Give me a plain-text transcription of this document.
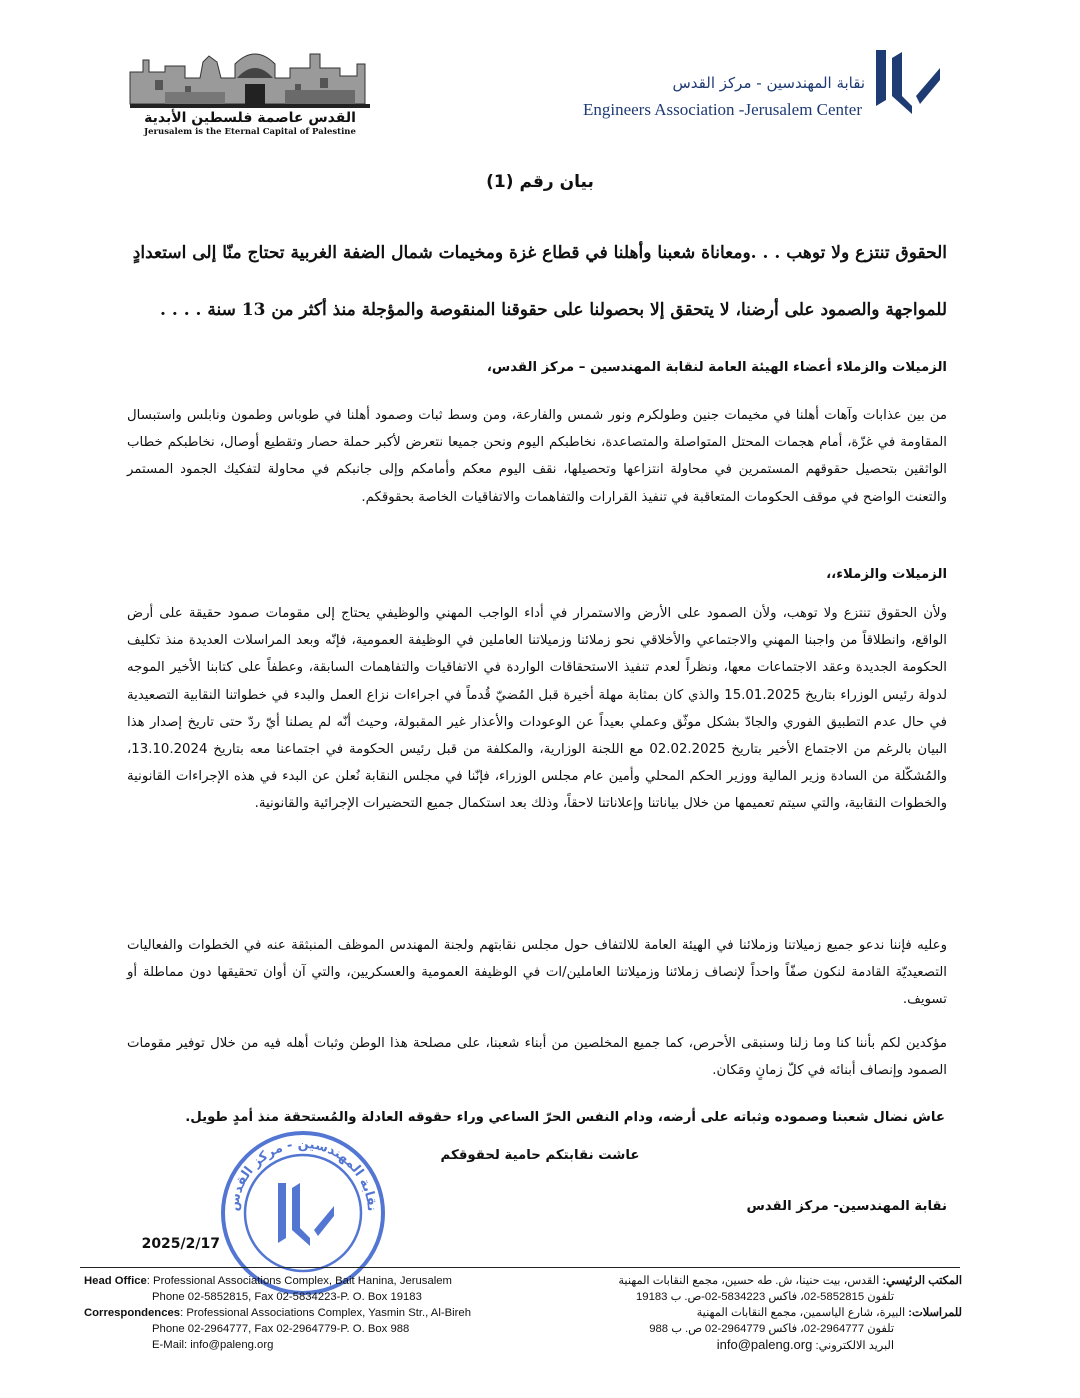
القدس عاصمة فلسطين الأبدية
Jerusalem is the Eternal Capital of Palestine
نقابة المهندسين - مركز القدس
Engineers Association -Jerusalem Center
بيان رقم (1)
الحقوق تنتزع ولا توهب . . .ومعاناة شعبنا وأهلنا في قطاع غزة ومخيمات شمال الضفة الغربية تحتاج منّا إلى استعدادٍ
للمواجهة والصمود على أرضنا، لا يتحقق إلا بحصولنا على حقوقنا المنقوصة والمؤجلة منذ أكثر من 13 سنة . . . .
الزميلات والزملاء أعضاء الهيئة العامة لنقابة المهندسين – مركز القدس،
من بين عذابات وآهات أهلنا في مخيمات جنين وطولكرم ونور شمس والفارعة، ومن وسط ثبات وصمود أهلنا في طوباس وطمون ونابلس واستبسال المقاومة في غزّة، أمام هجمات المحتل المتواصلة والمتصاعدة، نخاطبكم اليوم ونحن جميعا نتعرض لأكبر حملة حصار وتقطيع أوصال، نخاطبكم خطاب الواثقين بتحصيل حقوقهم المستمرين في محاولة انتزاعها وتحصيلها، نقف اليوم معكم وأمامكم وإلى جانبكم في محاولة لتفكيك الجمود المستمر والتعنت الواضح في موقف الحكومات المتعاقبة في تنفيذ القرارات والتفاهمات والاتفاقيات الخاصة بحقوقكم.
الزميلات والزملاء،،
ولأن الحقوق تنتزع ولا توهب، ولأن الصمود على الأرض والاستمرار في أداء الواجب المهني والوظيفي يحتاج إلى مقومات صمود حقيقة على أرض الواقع، وانطلاقاً من واجبنا المهني والاجتماعي والأخلاقي نحو زملائنا وزميلاتنا العاملين في الوظيفة العمومية، فإنّه وبعد المراسلات العديدة منذ تكليف الحكومة الجديدة وعقد الاجتماعات معها، ونظراً لعدم تنفيذ الاستحقاقات الواردة في الاتفاقيات والتفاهمات السابقة، وعطفاً على كتابنا الأخير الموجه لدولة رئيس الوزراء بتاريخ 15.01.2025 والذي كان بمثابة مهلة أخيرة قبل المُضيّ قُدماً في اجراءات نزاع العمل والبدء في خطواتنا النقابية التصعيدية في حال عدم التطبيق الفوري والجادّ بشكل موثّق وعملي بعيداً عن الوعودات والأعذار غير المقبولة، وحيث أنّه لم يصلنا أيّ ردّ حتى تاريخ إصدار هذا البيان بالرغم من الاجتماع الأخير بتاريخ 02.02.2025 مع اللجنة الوزارية، والمكلفة من قبل رئيس الحكومة في اجتماعنا معه بتاريخ 13.10.2024، والمُشكّلة من السادة وزير المالية ووزير الحكم المحلي وأمين عام مجلس الوزراء، فإنّنا في مجلس النقابة نُعلن عن البدء في هذه الإجراءات القانونية والخطوات النقابية، والتي سيتم تعميمها من خلال بياناتنا وإعلاناتنا لاحقاً، وذلك بعد استكمال جميع التحضيرات الإجرائية والقانونية.
وعليه فإننا ندعو جميع زميلاتنا وزملائنا في الهيئة العامة للالتفاف حول مجلس نقابتهم ولجنة المهندس الموظف المنبثقة عنه في الخطوات والفعاليات التصعيديّة القادمة لنكون صفّاً واحداً لإنصاف زملائنا وزميلاتنا العاملين/ات في الوظيفة العمومية والعسكريين، والتي آن أوان تحقيقها دون مماطلة أو تسويف.
مؤكدين لكم بأننا كنا وما زلنا وسنبقى الأحرص، كما جميع المخلصين من أبناء شعبنا، على مصلحة هذا الوطن وثبات أهله فيه من خلال توفير مقومات الصمود وإنصاف أبنائه في كلّ زمانٍ ومَكان.
عاش نضال شعبنا وصموده وثباته على أرضه، ودام النفس الحرّ الساعي وراء حقوقه العادلة والمُستحقة منذ أمدٍ طويل.
عاشت نقابتكم حامية لحقوقكم
نقابة المهندسين- مركز القدس
2025/2/17
نقابة المهندسين - مركز القدس
Head Office: Professional Associations Complex, Bait Hanina, Jerusalem
Phone 02-5852815, Fax 02-5834223-P. O. Box 19183
Correspondences: Professional Associations Complex, Yasmin Str., Al-Bireh
Phone 02-2964777, Fax 02-2964779-P. O. Box 988
E-Mail: info@paleng.org
المكتب الرئيسي: القدس، بيت حنينا، ش. طه حسين، مجمع النقابات المهنية
تلفون 5852815-02، فاكس 5834223-02-ص. ب 19183
للمراسلات: البيرة، شارع الياسمين، مجمع النقابات المهنية
تلفون 2964777-02، فاكس 2964779-02 ص. ب 988
البريد الالكتروني: info@paleng.org
